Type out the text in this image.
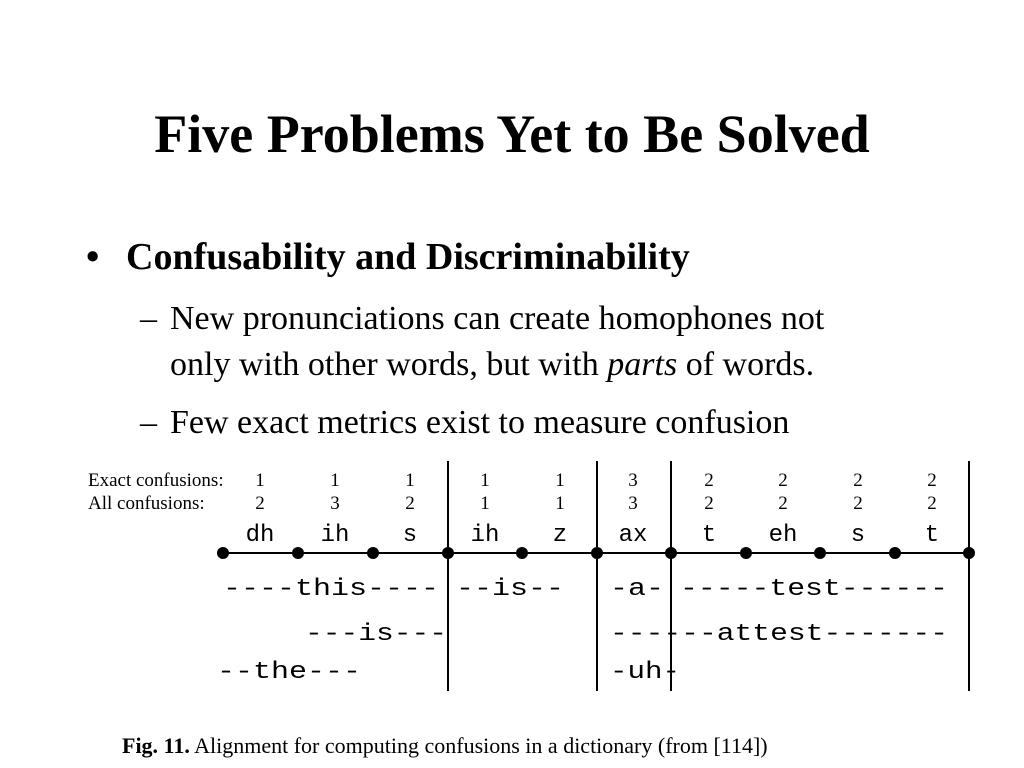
Five Problems Yet to Be Solved
• Confusability and Discriminability
– New pronunciations can create homophones not
only with other words, but with parts of words.
– Few exact metrics exist to measure confusion
Exact confusions:
All confusions:
1	1	1	1	1	3	2	2	2	2
2	3	2	1	1	3	2	2	2	2
dh ih s ih z ax t eh s t
----this---- --is-- -a- -----test------
---is---	------attest-------
--the---	-uh-
Fig. 11. Alignment for computing confusions in a dictionary (from [114])
